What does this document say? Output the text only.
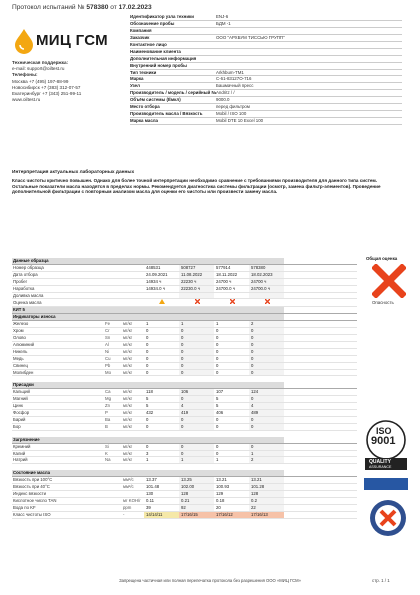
Протокол испытаний № 578380 от 17.02.2023
МИЦ ГСМ
Техническая поддержка:
e-mail: support@oiltest.ru
Телефоны:
Москва +7 (495) 197-88-99
Новосибирск +7 (383) 312-07-57
Екатеринбург +7 (343) 251-99-11
www.oiltest.ru
Идентификатор узла техники	ENJ-6
Обозначение пробы	БДМ -1
Компания
Заказчик	ООО "АРХБУМ ТИССЬЮ ГРУПП"
Контактное лицо
Наименование клиента
Дополнительная информация
Внутренний номер пробы
Тип техники	Arkhbum-TM1
Марка	C-61-83127O-716
Узел	Башмачный пресс
Производитель / модель / серийный № Andritz / /
Объём системы (Ёмкл)	9000.0
Место отбора	перед фильтром
Производитель масла / Вязкость	Mobil / ISO 100
Марка масла	Mobil DTE 10 Excel 100
Интерпретация актуальных лабораторных данных

Класс чистоты критично повышен. Однако для более точной интерпретации необходимо сравнение с требованиями производителя для данного типа систем. Остальные показатели масла находятся в пределах нормы. Рекомендуется диагностика системы фильтрации (осмотр, замена фильтр-элементов). Проведение дополнительной фильтрации с повторным анализом масла для оценки его чистоты или произвести замену масла.

Данные образца							
Номер образца			448531	508727	577914	578380	
Дата отбора			24.09.2021	11.08.2022	18.11.2022	18.02.2023	
Пробег			14934 ч	22230 ч	24700 ч	24700 ч	
Наработка			14934.0 ч	22230.0 ч	24700.0 ч	24700.0 ч	
Доливка масла							
Оценка масла					
КИТ 5							
Индикаторы износа							
Железо	Fe	мг/кг	1	1	1	2	
Хром	Cr	мг/кг	0	0	0	0	
Олово	Sn	мг/кг	0	0	0	0	
Алюминий	Al	мг/кг	0	0	0	0	
Никель	Ni	мг/кг	0	0	0	0	
Медь	Cu	мг/кг	0	0	0	0	
Свинец	Pb	мг/кг	0	0	0	0	
Молибден	Mo	мг/кг	0	0	0	0	

Присадки							
Кальций	Ca	мг/кг	118	106	107	124	
Магний	Mg	мг/кг	5	0	5	0	
Цинк	Zn	мг/кг	5	4	5	4	
Фосфор	P	мг/кг	432	419	406	489	
Барий	Ba	мг/кг	0	0	0	0	
Бор	B	мг/кг	0	0	0	0	

Загрязнение							
Кремний	Si	мг/кг	0	0	0	0	
Калий	K	мг/кг	3	0	0	1	
Натрий	Na	мг/кг	1	1	1	2	

Состояние масла							
Вязкость при 100°C		мм²/с	13.37	13.25	13.21	13.21	
Вязкость при 40°C		мм²/с	101.48	102.00	100.93	101.28	
Индекс вязкости			130	128	129	128	
Кислотное число TAN		мг KOH/г	0.11	0.21	0.18	0.2	
Вода по KF		ppm	39	92	20	22	
Класс чистоты ISO		-	14/14/11	17/16/15	17/16/12	17/16/13	
Общая оценка
Опасность
ISO
9001
QUALITY
ASSURANCE
Запрещена частичная или полная перепечатка протокола без разрешения ООО «МИЦ ГСМ»	стр. 1 / 1
